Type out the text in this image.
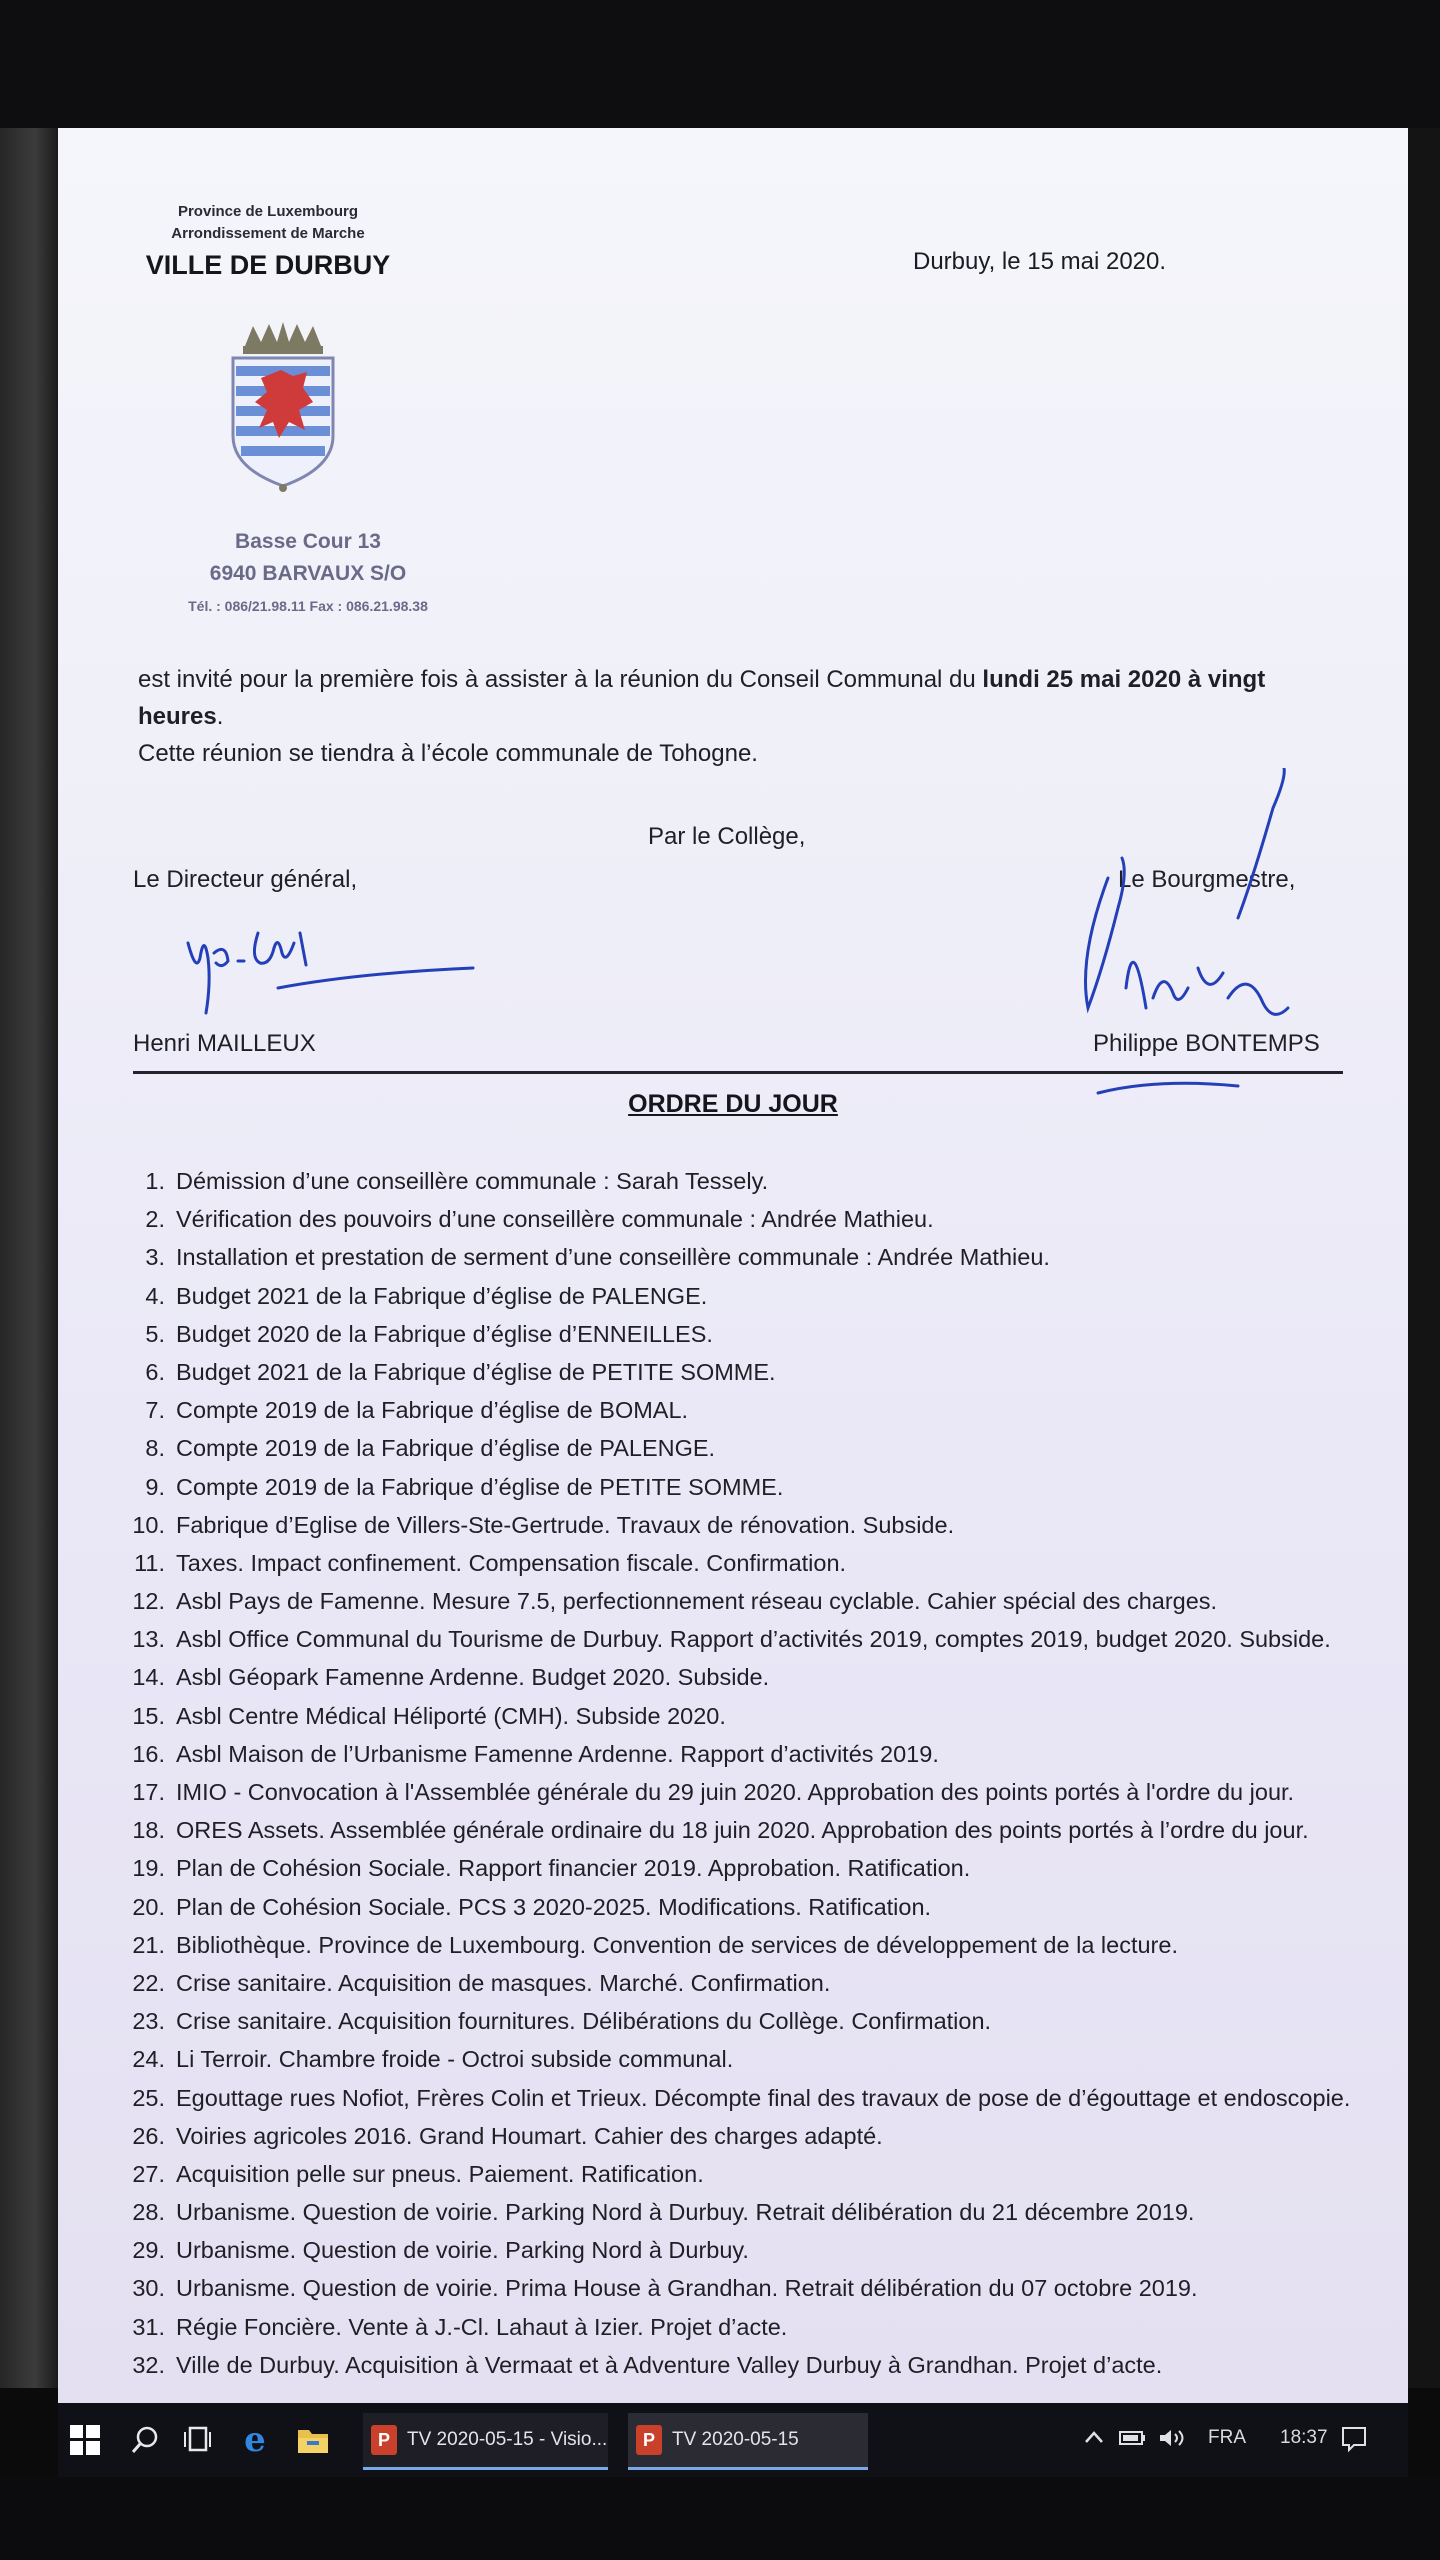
Province de Luxembourg
Arrondissement de Marche
VILLE DE DURBUY	Durbuy, le 15 mai 2020.
Basse Cour 13
6940 BARVAUX S/O
Tél. : 086/21.98.11 Fax : 086.21.98.38
est invité pour la première fois à assister à la réunion du Conseil Communal du lundi 25 mai 2020 à vingt
heures.
Cette réunion se tiendra à l’école communale de Tohogne.
Par le Collège,
Le Directeur général,	Le Bourgmestre,
Henri MAILLEUX	Philippe BONTEMPS
ORDRE DU JOUR
1. Démission d’une conseillère communale : Sarah Tessely.
2. Vérification des pouvoirs d’une conseillère communale : Andrée Mathieu.
3. Installation et prestation de serment d’une conseillère communale : Andrée Mathieu.
4. Budget 2021 de la Fabrique d’église de PALENGE.
5. Budget 2020 de la Fabrique d’église d’ENNEILLES.
6. Budget 2021 de la Fabrique d’église de PETITE SOMME.
7. Compte 2019 de la Fabrique d’église de BOMAL.
8. Compte 2019 de la Fabrique d’église de PALENGE.
9. Compte 2019 de la Fabrique d’église de PETITE SOMME.
10. Fabrique d’Eglise de Villers-Ste-Gertrude. Travaux de rénovation. Subside.
11. Taxes. Impact confinement. Compensation fiscale. Confirmation.
12. Asbl Pays de Famenne. Mesure 7.5, perfectionnement réseau cyclable. Cahier spécial des charges.
13. Asbl Office Communal du Tourisme de Durbuy. Rapport d’activités 2019, comptes 2019, budget 2020. Subside.
14. Asbl Géopark Famenne Ardenne. Budget 2020. Subside.
15. Asbl Centre Médical Héliporté (CMH). Subside 2020.
16. Asbl Maison de l’Urbanisme Famenne Ardenne. Rapport d’activités 2019.
17. IMIO - Convocation à l'Assemblée générale du 29 juin 2020. Approbation des points portés à l'ordre du jour.
18. ORES Assets. Assemblée générale ordinaire du 18 juin 2020. Approbation des points portés à l’ordre du jour.
19. Plan de Cohésion Sociale. Rapport financier 2019. Approbation. Ratification.
20. Plan de Cohésion Sociale. PCS 3 2020-2025. Modifications. Ratification.
21. Bibliothèque. Province de Luxembourg. Convention de services de développement de la lecture.
22. Crise sanitaire. Acquisition de masques. Marché. Confirmation.
23. Crise sanitaire. Acquisition fournitures. Délibérations du Collège. Confirmation.
24. Li Terroir. Chambre froide - Octroi subside communal.
25. Egouttage rues Nofiot, Frères Colin et Trieux. Décompte final des travaux de pose de d’égouttage et endoscopie.
26. Voiries agricoles 2016. Grand Houmart. Cahier des charges adapté.
27. Acquisition pelle sur pneus. Paiement. Ratification.
28. Urbanisme. Question de voirie. Parking Nord à Durbuy. Retrait délibération du 21 décembre 2019.
29. Urbanisme. Question de voirie. Parking Nord à Durbuy.
30. Urbanisme. Question de voirie. Prima House à Grandhan. Retrait délibération du 07 octobre 2019.
31. Régie Foncière. Vente à J.-Cl. Lahaut à Izier. Projet d’acte.
32. Ville de Durbuy. Acquisition à Vermaat et à Adventure Valley Durbuy à Grandhan. Projet d’acte.
e	P TV 2020-05-15 - Visio...	P TV 2020-05-15	FRA 18:37
